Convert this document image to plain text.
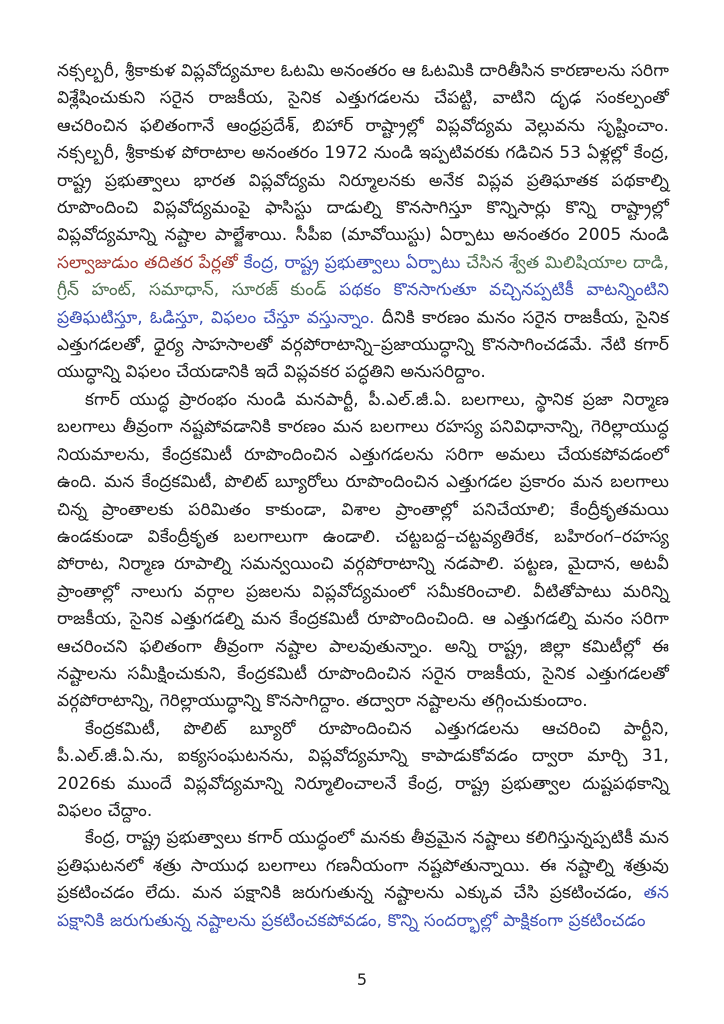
నక్సల్బరీ, శ్రీకాకుళ విప్లవోద్యమాల ఓటమి అనంతరం ఆ ఓటమికి దారితీసిన కారణాలను సరిగా విశ్లేషించుకుని సరైన రాజకీయ, సైనిక ఎత్తుగడలను చేపట్టి, వాటిని దృఢ సంకల్పంతో ఆచరించిన ఫలితంగానే ఆంధ్రప్రదేశ్, బిహార్ రాష్ట్రాల్లో విప్లవోద్యమ వెల్లువను సృష్టించాం. నక్సల్బరీ, శ్రీకాకుళ పోరాటాల అనంతరం 1972 నుండి ఇప్పటివరకు గడిచిన 53 ఏళ్లల్లో కేంద్ర, రాష్ట్ర ప్రభుత్వాలు భారత విప్లవోద్యమ నిర్మూలనకు అనేక విప్లవ ప్రతిఘాతక పథకాల్ని రూపొందించి విప్లవోద్యమంపై ఫాసిస్టు దాడుల్ని కొనసాగిస్తూ కొన్నిసార్లు కొన్ని రాష్ట్రాల్లో విప్లవోద్యమాన్ని నష్టాల పాల్జేశాయి. సీపీఐ (మావోయిస్టు) ఏర్పాటు అనంతరం 2005 నుండి సల్వాజుడుం తదితర పేర్లతో కేంద్ర, రాష్ట్ర ప్రభుత్వాలు ఏర్పాటు చేసిన శ్వేత మిలిషియాల దాడి, గ్రీన్ హంట్, సమాధాన్, సూరజ్ కుండ్ పథకం కొనసాగుతూ వచ్చినప్పటికీ వాటన్నింటిని ప్రతిఘటిస్తూ, ఓడిస్తూ, విఫలం చేస్తూ వస్తున్నాం. దీనికి కారణం మనం సరైన రాజకీయ, సైనిక ఎత్తుగడలతో, ధైర్య సాహసాలతో వర్గపోరాటాన్ని–ప్రజాయుద్ధాన్ని కొనసాగించడమే. నేటి కగార్ యుద్ధాన్ని విఫలం చేయడానికి ఇదే విప్లవకర పద్ధతిని అనుసరిద్దాం.

కగార్ యుద్ధ ప్రారంభం నుండి మనపార్టీ, పీ.ఎల్.జీ.ఏ. బలగాలు, స్థానిక ప్రజా నిర్మాణ బలగాలు తీవ్రంగా నష్టపోవడానికి కారణం మన బలగాలు రహస్య పనివిధానాన్ని, గెరిల్లాయుద్ధ నియమాలను, కేంద్రకమిటీ రూపొందించిన ఎత్తుగడలను సరిగా అమలు చేయకపోవడంలో ఉంది. మన కేంద్రకమిటీ, పొలిట్ బ్యూరోలు రూపొందించిన ఎత్తుగడల ప్రకారం మన బలగాలు చిన్న ప్రాంతాలకు పరిమితం కాకుండా, విశాల ప్రాంతాల్లో పనిచేయాలి; కేంద్రీకృతమయి ఉండకుండా వికేంద్రీకృత బలగాలుగా ఉండాలి. చట్టబద్ద–చట్టవ్యతిరేక, బహిరంగ–రహస్య పోరాట, నిర్మాణ రూపాల్ని సమన్వయించి వర్గపోరాటాన్ని నడపాలి. పట్టణ, మైదాన, అటవీ ప్రాంతాల్లో నాలుగు వర్గాల ప్రజలను విప్లవోద్యమంలో సమీకరించాలి. వీటితోపాటు మరిన్ని రాజకీయ, సైనిక ఎత్తుగడల్ని మన కేంద్రకమిటీ రూపొందించింది. ఆ ఎత్తుగడల్ని మనం సరిగా ఆచరించని ఫలితంగా తీవ్రంగా నష్టాల పాలవుతున్నాం. అన్ని రాష్ట్ర, జిల్లా కమిటీల్లో ఈ నష్టాలను సమీక్షించుకుని, కేంద్రకమిటీ రూపొందించిన సరైన రాజకీయ, సైనిక ఎత్తుగడలతో వర్గపోరాటాన్ని, గెరిల్లాయుద్ధాన్ని కొనసాగిద్దాం. తద్వారా నష్టాలను తగ్గించుకుందాం.

కేంద్రకమిటీ, పొలిట్ బ్యూరో రూపొందించిన ఎత్తుగడలను ఆచరించి పార్టీని, పీ.ఎల్.జీ.ఏ.ను, ఐక్యసంఘటనను, విప్లవోద్యమాన్ని కాపాడుకోవడం ద్వారా మార్చి 31, 2026కు ముందే విప్లవోద్యమాన్ని నిర్మూలించాలనే కేంద్ర, రాష్ట్ర ప్రభుత్వాల దుష్టపథకాన్ని విఫలం చేద్దాం.

కేంద్ర, రాష్ట్ర ప్రభుత్వాలు కగార్ యుద్ధంలో మనకు తీవ్రమైన నష్టాలు కలిగిస్తున్నప్పటికీ మన ప్రతిఘటనలో శత్రు సాయుధ బలగాలు గణనీయంగా నష్టపోతున్నాయి. ఈ నష్టాల్ని శత్రువు ప్రకటించడం లేదు. మన పక్షానికి జరుగుతున్న నష్టాలను ఎక్కువ చేసి ప్రకటించడం, తన పక్షానికి జరుగుతున్న నష్టాలను ప్రకటించకపోవడం, కొన్ని సందర్భాల్లో పాక్షికంగా ప్రకటించడం

5
